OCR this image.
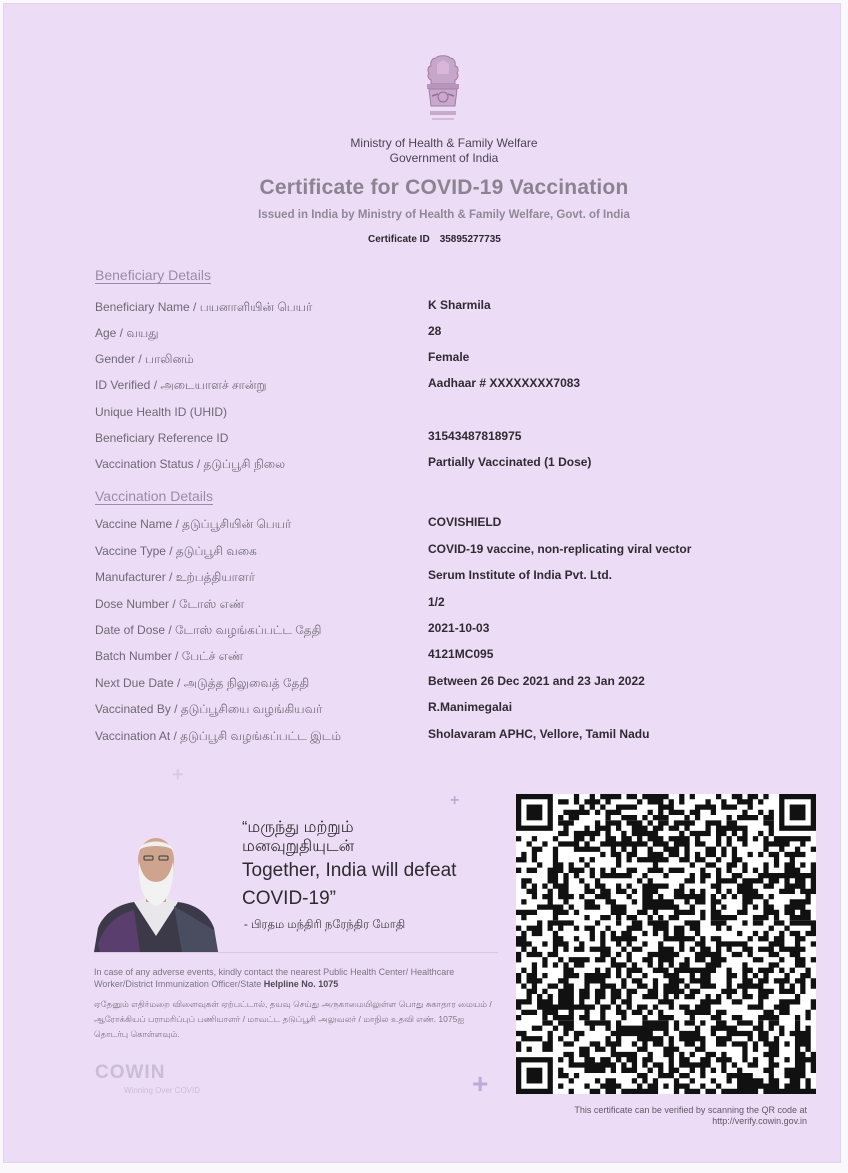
Ministry of Health & Family Welfare
Government of India
Certificate for COVID-19 Vaccination
Issued in India by Ministry of Health & Family Welfare, Govt. of India
Certificate ID 35895277735
Beneficiary Details
Beneficiary Name / பயனாளியின் பெயர்	K Sharmila
Age / வயது	28
Gender / பாலினம்	Female
ID Verified / அடையாளச் சான்று	Aadhaar # XXXXXXXX7083
Unique Health ID (UHID)
Beneficiary Reference ID	31543487818975
Vaccination Status / தடுப்பூசி நிலை	Partially Vaccinated (1 Dose)
Vaccination Details
Vaccine Name / தடுப்பூசியின் பெயர்	COVISHIELD
Vaccine Type / தடுப்பூசி வகை	COVID-19 vaccine, non-replicating viral vector
Manufacturer / உற்பத்தியாளர்	Serum Institute of India Pvt. Ltd.
Dose Number / டோஸ் எண்	1/2
Date of Dose / டோஸ் வழங்கப்பட்ட தேதி	2021-10-03
Batch Number / பேட்ச் எண்	4121MC095
Next Due Date / அடுத்த நிலுவைத் தேதி	Between 26 Dec 2021 and 23 Jan 2022
Vaccinated By / தடுப்பூசியை வழங்கியவர்	R.Manimegalai
Vaccination At / தடுப்பூசி வழங்கப்பட்ட இடம்	Sholavaram APHC, Vellore, Tamil Nadu
+
+
+
“மருந்து மற்றும்
மனவுறுதியுடன்
Together, India will defeat
COVID-19”
- பிரதம மந்திரி நரேந்திர மோதி
In case of any adverse events, kindly contact the nearest Public Health Center/ Healthcare Worker/District Immunization Officer/State Helpline No. 1075
ஏதேனும் எதிர்மறை விளைவுகள் ஏற்பட்டால், தயவு செய்து அருகாமையிலுள்ள பொது சுகாதார மையம் / ஆரோக்கியப் பராமரிப்புப் பணியாளர் / மாவட்ட தடுப்பூசி அலுவலர் / மாநில உதவி எண். 1075ஐ தொடர்பு கொள்ளவும்.
COWIN
Winning Over COVID
This certificate can be verified by scanning the QR code at
http://verify.cowin.gov.in
